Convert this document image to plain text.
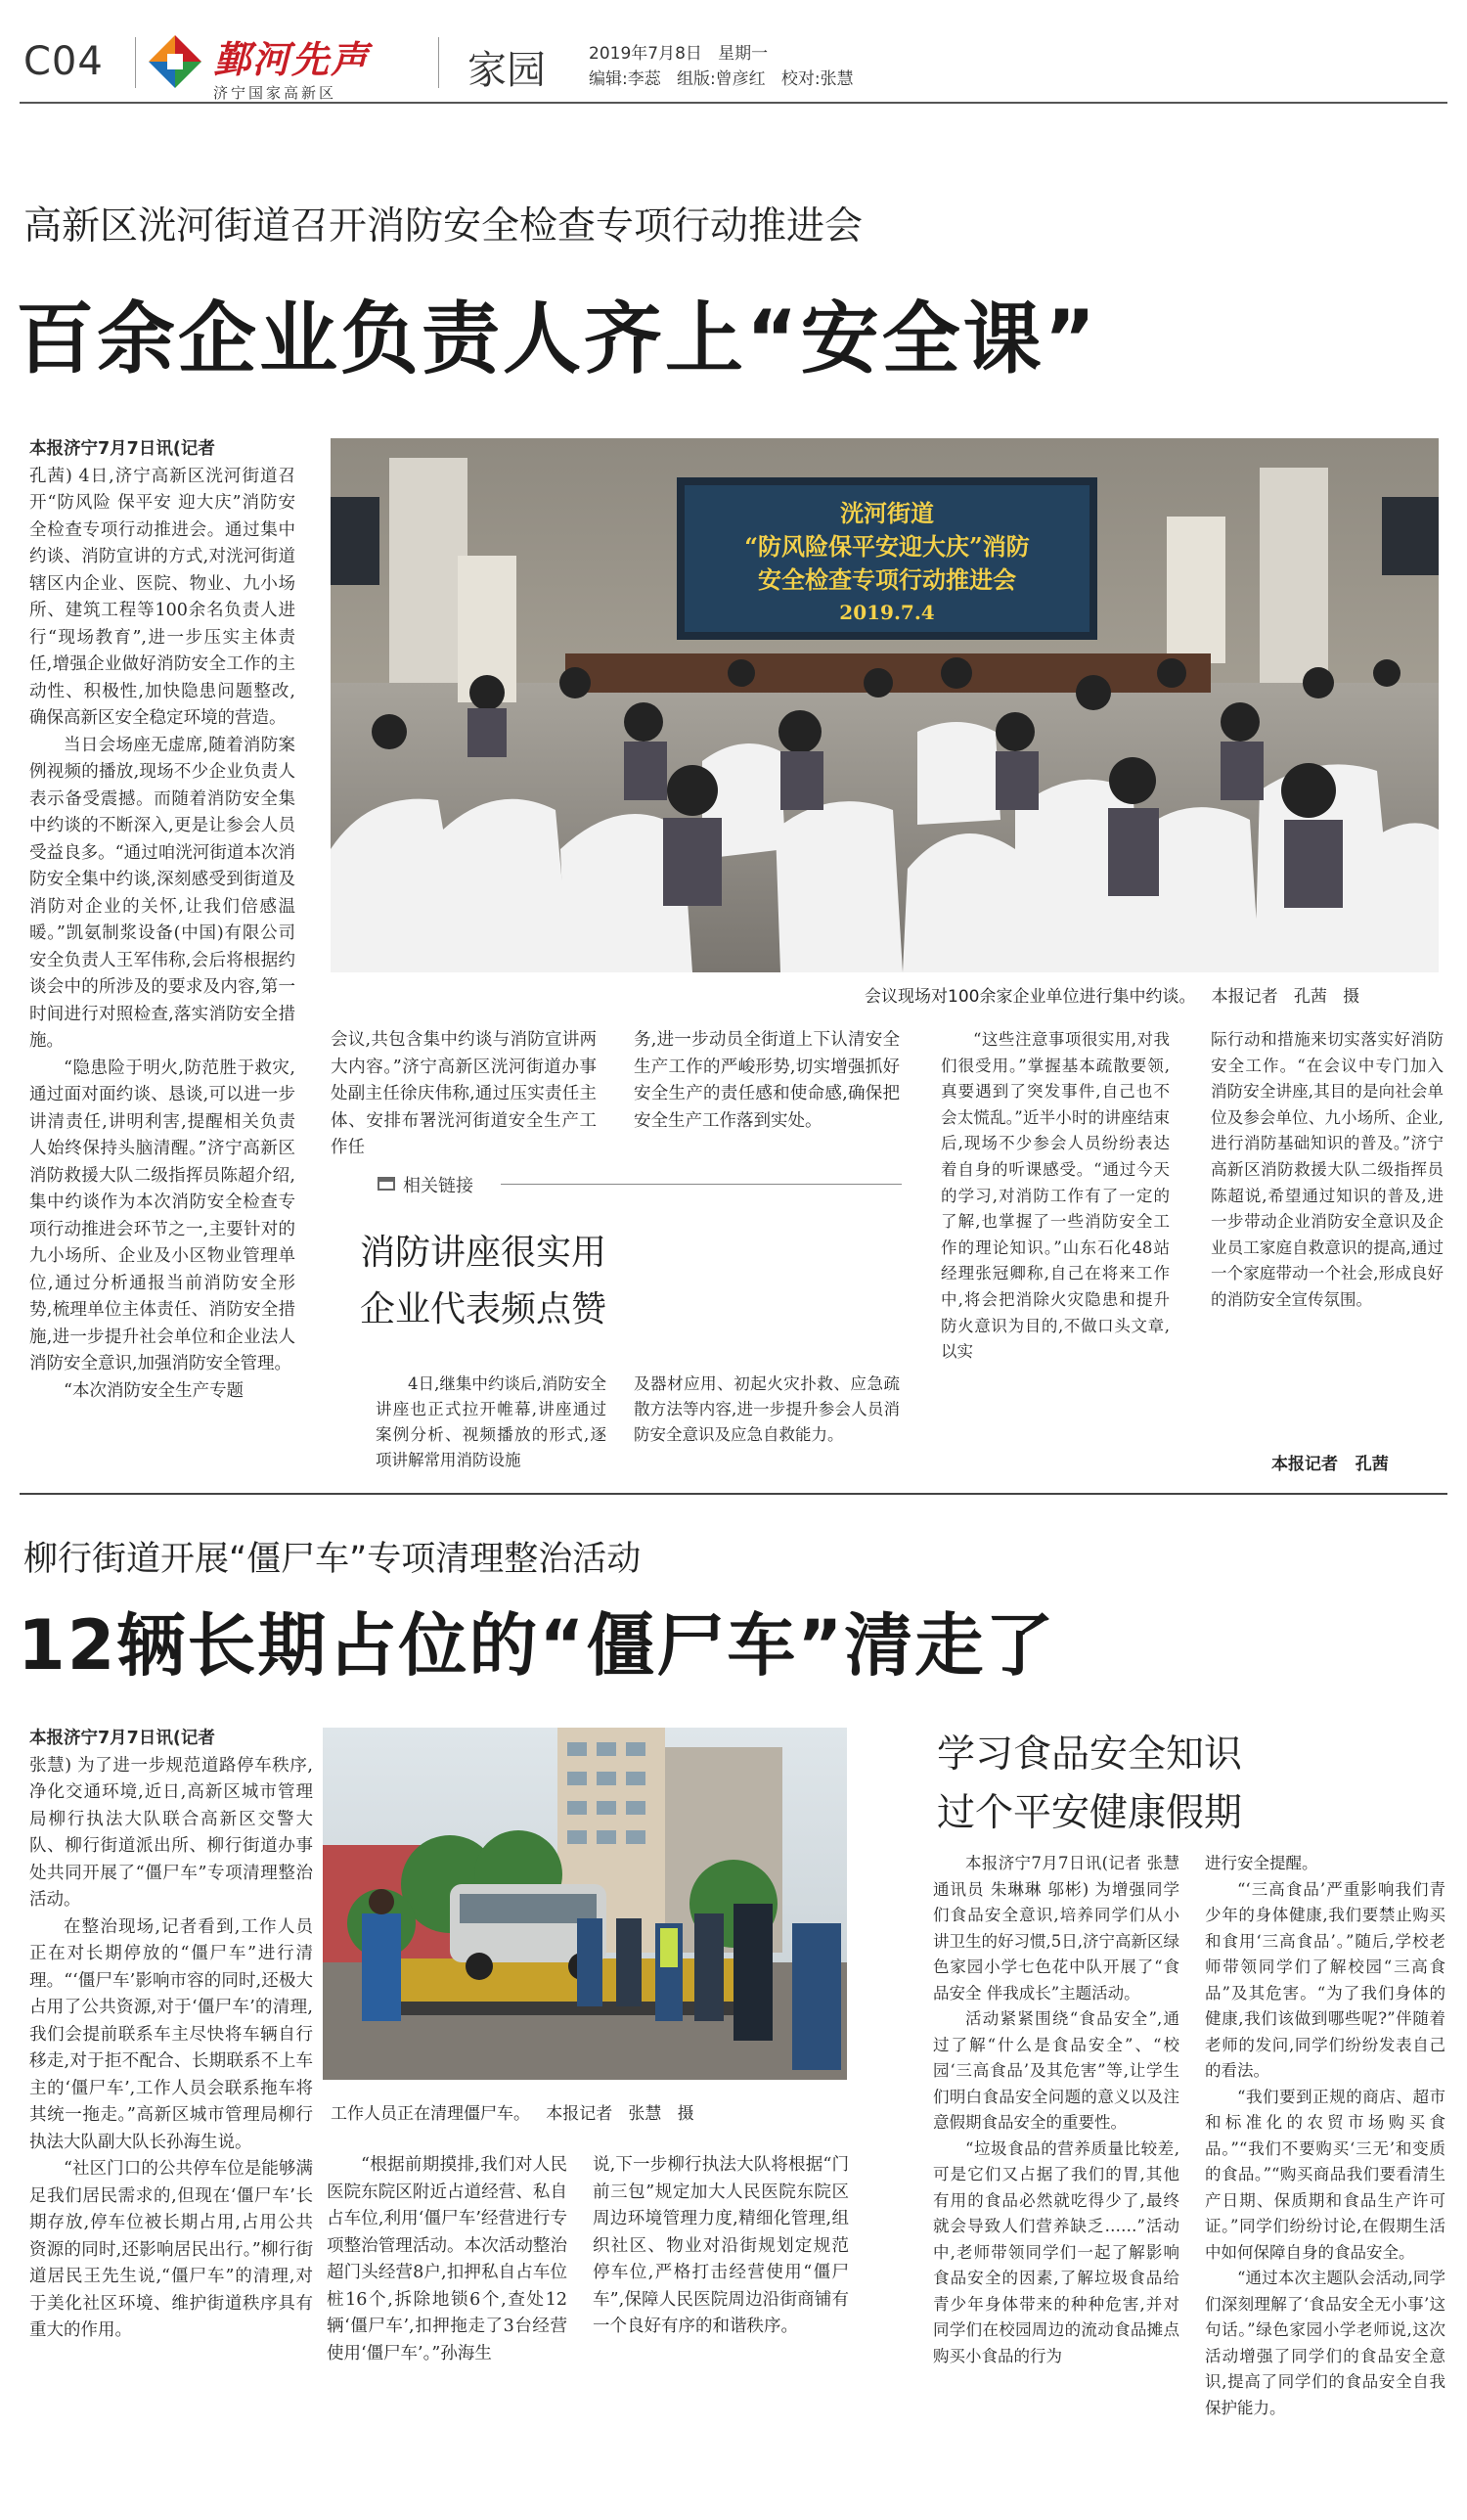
C04	鄞河先声
济宁国家高新区	家园	2019年7月8日   星期一
编辑:李蕊   组版:曾彦红   校对:张慧
高新区洸河街道召开消防安全检查专项行动推进会
百余企业负责人齐上“安全课”

本报济宁7月7日讯(记者

孔茜) 4日,济宁高新区洸河街道召开“防风险 保平安 迎大庆”消防安全检查专项行动推进会。通过集中约谈、消防宣讲的方式,对洸河街道辖区内企业、医院、物业、九小场所、建筑工程等100余名负责人进行“现场教育”,进一步压实主体责任,增强企业做好消防安全工作的主动性、积极性,加快隐患问题整改,确保高新区安全稳定环境的营造。

当日会场座无虚席,随着消防案例视频的播放,现场不少企业负责人表示备受震撼。而随着消防安全集中约谈的不断深入,更是让参会人员受益良多。“通过咱洸河街道本次消防安全集中约谈,深刻感受到街道及消防对企业的关怀,让我们倍感温暖。”凯氨制浆设备(中国)有限公司安全负责人王军伟称,会后将根据约谈会中的所涉及的要求及内容,第一时间进行对照检查,落实消防安全措施。

“隐患险于明火,防范胜于救灾,通过面对面约谈、恳谈,可以进一步讲清责任,讲明利害,提醒相关负责人始终保持头脑清醒。”济宁高新区消防救援大队二级指挥员陈超介绍,集中约谈作为本次消防安全检查专项行动推进会环节之一,主要针对的九小场所、企业及小区物业管理单位,通过分析通报当前消防安全形势,梳理单位主体责任、消防安全措施,进一步提升社会单位和企业法人消防安全意识,加强消防安全管理。

“本次消防安全生产专题

洸河街道
“防风险保平安迎大庆”消防
安全检查专项行动推进会
2019.7.4
会议现场对100余家企业单位进行集中约谈。   本报记者   孔茜   摄

会议,共包含集中约谈与消防宣讲两大内容。”济宁高新区洸河街道办事处副主任徐庆伟称,通过压实责任主体、安排布署洸河街道安全生产工作任

务,进一步动员全街道上下认清安全生产工作的严峻形势,切实增强抓好安全生产的责任感和使命感,确保把安全生产工作落到实处。

相关链接
消防讲座很实用
企业代表频点赞

4日,继集中约谈后,消防安全讲座也正式拉开帷幕,讲座通过案例分析、视频播放的形式,逐项讲解常用消防设施

及器材应用、初起火灾扑救、应急疏散方法等内容,进一步提升参会人员消防安全意识及应急自救能力。

“这些注意事项很实用,对我们很受用。”掌握基本疏散要领,真要遇到了突发事件,自己也不会太慌乱。”近半小时的讲座结束后,现场不少参会人员纷纷表达着自身的听课感受。“通过今天的学习,对消防工作有了一定的了解,也掌握了一些消防安全工作的理论知识。”山东石化48站经理张冠卿称,自己在将来工作中,将会把消除火灾隐患和提升防火意识为目的,不做口头文章,以实

际行动和措施来切实落实好消防安全工作。“在会议中专门加入消防安全讲座,其目的是向社会单位及参会单位、九小场所、企业,进行消防基础知识的普及。”济宁高新区消防救援大队二级指挥员陈超说,希望通过知识的普及,进一步带动企业消防安全意识及企业员工家庭自救意识的提高,通过一个家庭带动一个社会,形成良好的消防安全宣传氛围。

本报记者   孔茜
柳行街道开展“僵尸车”专项清理整治活动
12辆长期占位的“僵尸车”清走了

本报济宁7月7日讯(记者

张慧) 为了进一步规范道路停车秩序,净化交通环境,近日,高新区城市管理局柳行执法大队联合高新区交警大队、柳行街道派出所、柳行街道办事处共同开展了“僵尸车”专项清理整治活动。

在整治现场,记者看到,工作人员正在对长期停放的“僵尸车”进行清理。“‘僵尸车’影响市容的同时,还极大占用了公共资源,对于‘僵尸车’的清理,我们会提前联系车主尽快将车辆自行移走,对于拒不配合、长期联系不上车主的‘僵尸车’,工作人员会联系拖车将其统一拖走。”高新区城市管理局柳行执法大队副大队长孙海生说。

“社区门口的公共停车位是能够满足我们居民需求的,但现在‘僵尸车’长期存放,停车位被长期占用,占用公共资源的同时,还影响居民出行。”柳行街道居民王先生说,“僵尸车”的清理,对于美化社区环境、维护街道秩序具有重大的作用。

工作人员正在清理僵尸车。   本报记者   张慧   摄

“根据前期摸排,我们对人民医院东院区附近占道经营、私自占车位,利用‘僵尸车’经营进行专项整治管理活动。本次活动整治超门头经营8户,扣押私自占车位桩16个,拆除地锁6个,查处12辆‘僵尸车’,扣押拖走了3台经营使用‘僵尸车’。”孙海生

说,下一步柳行执法大队将根据“门前三包”规定加大人民医院东院区周边环境管理力度,精细化管理,组织社区、物业对沿街规划定规范停车位,严格打击经营使用“僵尸车”,保障人民医院周边沿街商铺有一个良好有序的和谐秩序。

学习食品安全知识
过个平安健康假期

本报济宁7月7日讯(记者 张慧 通讯员 朱琳琳 邬彬) 为增强同学们食品安全意识,培养同学们从小讲卫生的好习惯,5日,济宁高新区绿色家园小学七色花中队开展了“食品安全 伴我成长”主题活动。

活动紧紧围绕“食品安全”,通过了解“什么是食品安全”、“校园‘三高食品’及其危害”等,让学生们明白食品安全问题的意义以及注意假期食品安全的重要性。

“垃圾食品的营养质量比较差,可是它们又占据了我们的胃,其他有用的食品必然就吃得少了,最终就会导致人们营养缺乏……”活动中,老师带领同学们一起了解影响食品安全的因素,了解垃圾食品给青少年身体带来的种种危害,并对同学们在校园周边的流动食品摊点购买小食品的行为

进行安全提醒。

“‘三高食品’严重影响我们青少年的身体健康,我们要禁止购买和食用‘三高食品’。”随后,学校老师带领同学们了解校园“三高食品”及其危害。“为了我们身体的健康,我们该做到哪些呢?”伴随着老师的发问,同学们纷纷发表自己的看法。

“我们要到正规的商店、超市和标准化的农贸市场购买食品。”“我们不要购买‘三无’和变质的食品。”“购买商品我们要看清生产日期、保质期和食品生产许可证。”同学们纷纷讨论,在假期生活中如何保障自身的食品安全。

“通过本次主题队会活动,同学们深刻理解了‘食品安全无小事’这句话。”绿色家园小学老师说,这次活动增强了同学们的食品安全意识,提高了同学们的食品安全自我保护能力。
